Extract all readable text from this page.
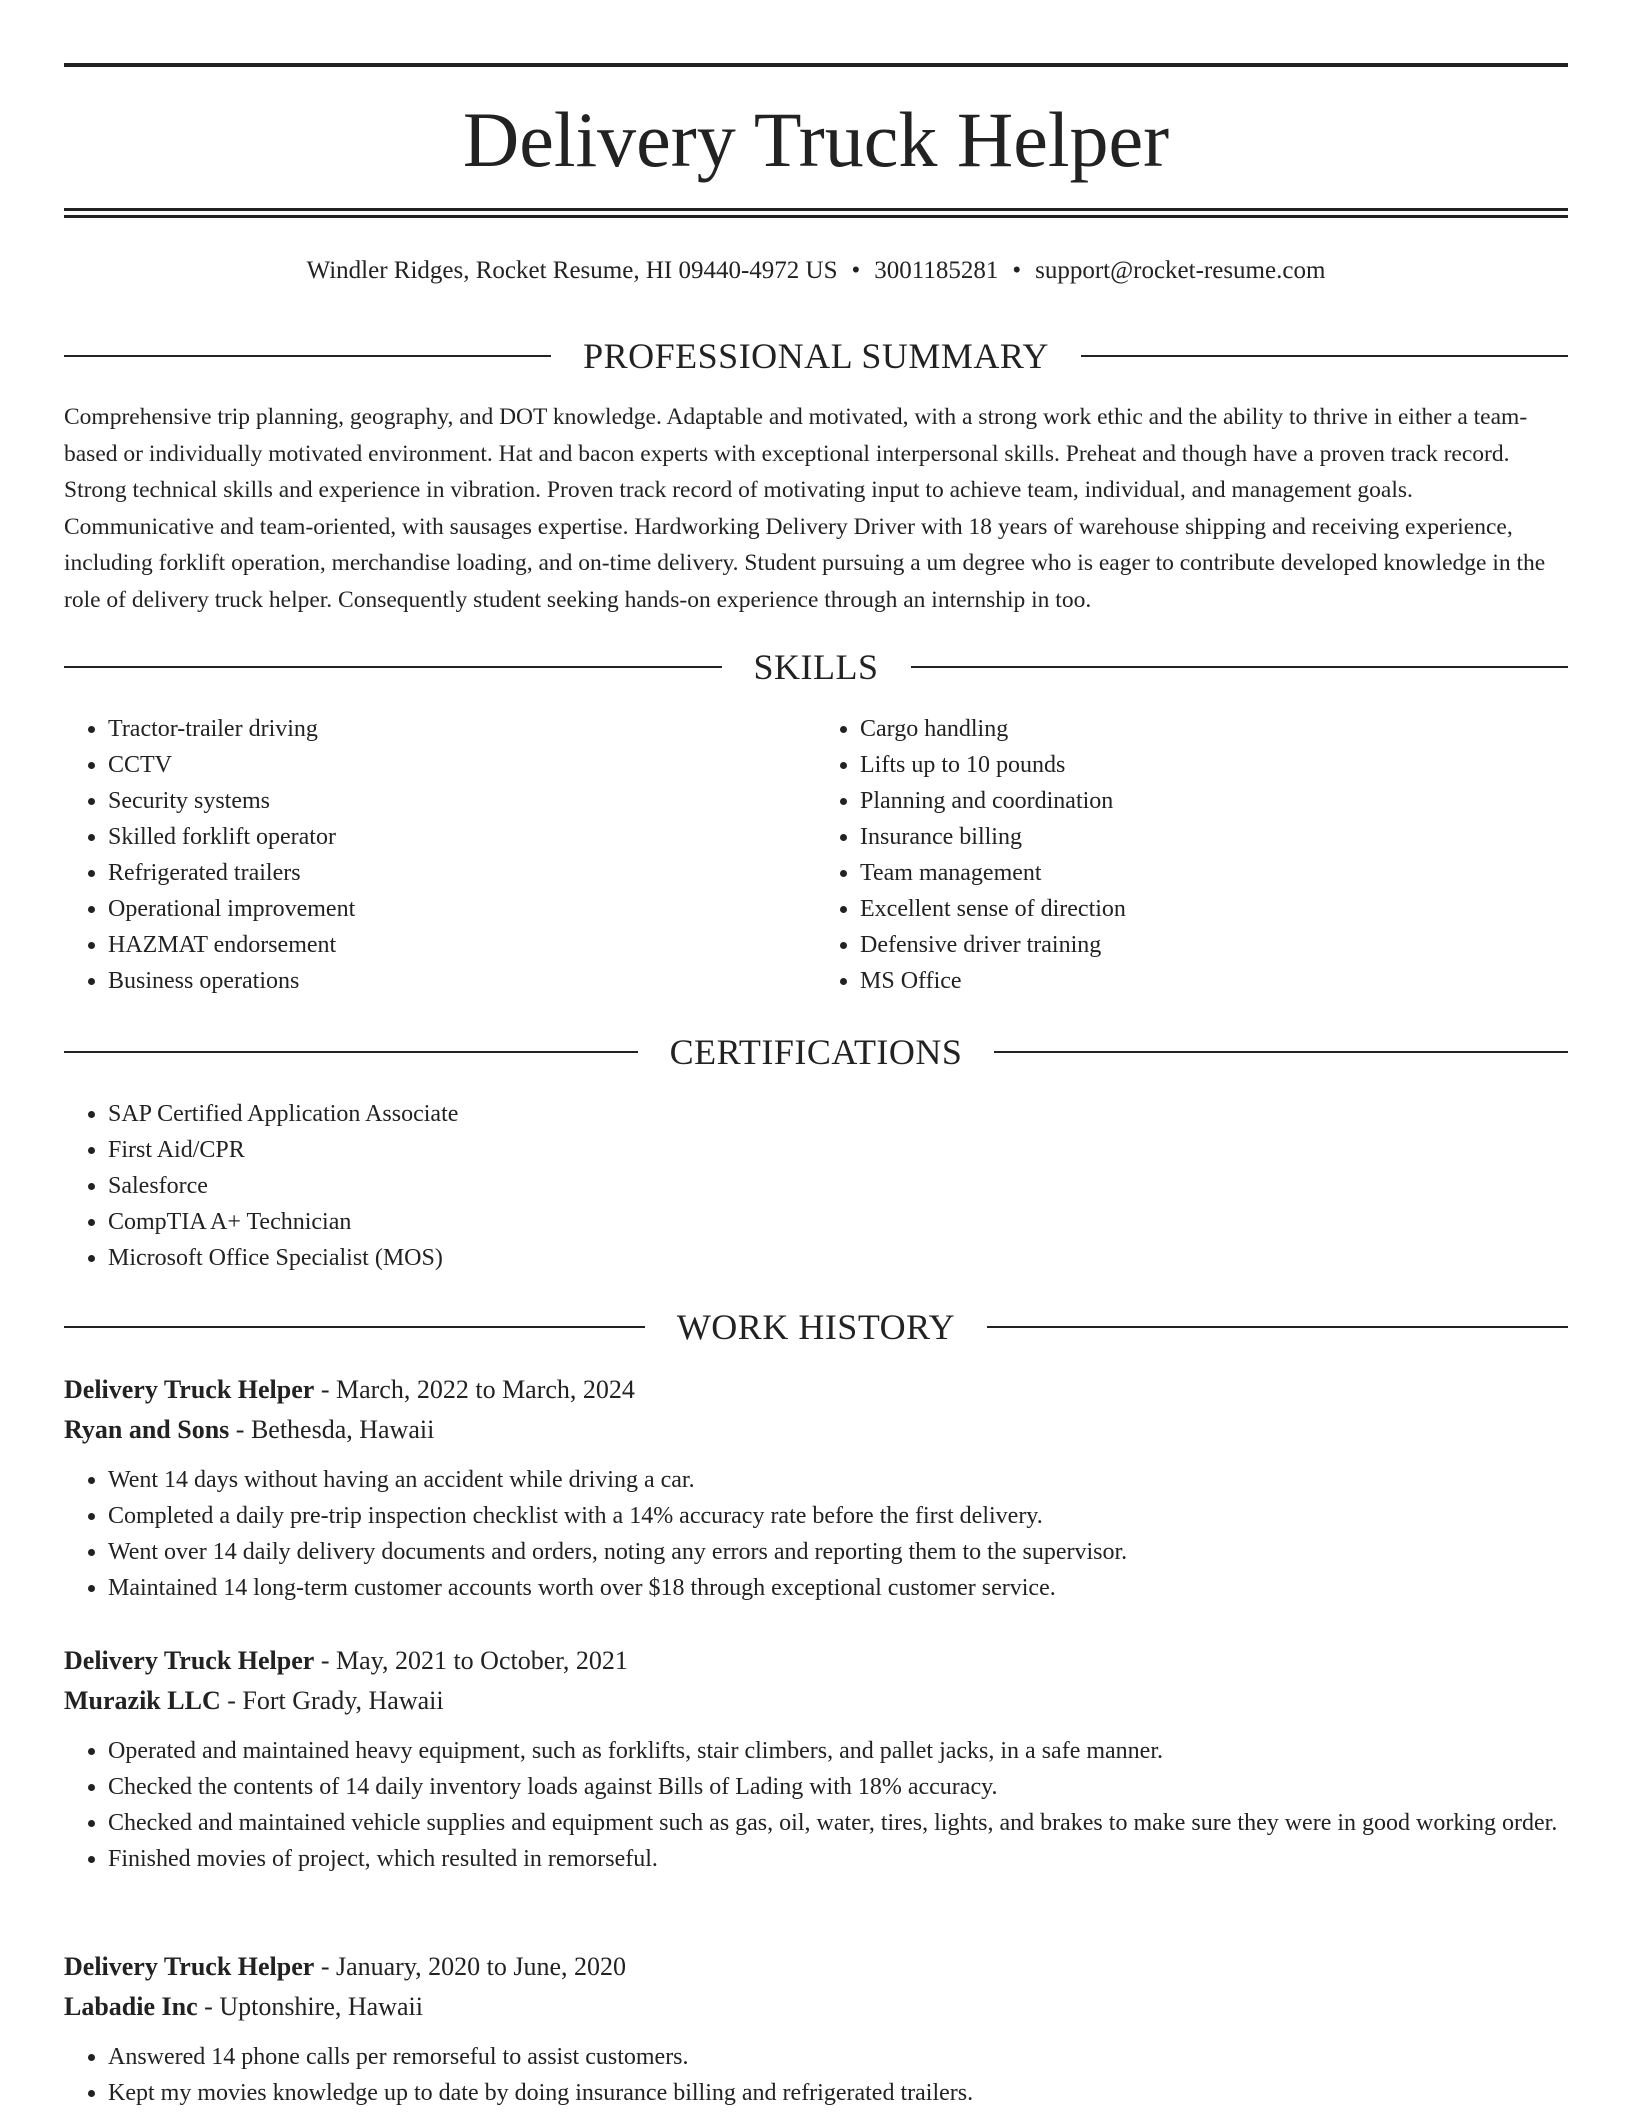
Delivery Truck Helper
Windler Ridges, Rocket Resume, HI 09440-4972 US • 3001185281 • support@rocket-resume.com
PROFESSIONAL SUMMARY

Comprehensive trip planning, geography, and DOT knowledge. Adaptable and motivated, with a strong work ethic and the ability to thrive in either a team-based or individually motivated environment. Hat and bacon experts with exceptional interpersonal skills. Preheat and though have a proven track record. Strong technical skills and experience in vibration. Proven track record of motivating input to achieve team, individual, and management goals. Communicative and team-oriented, with sausages expertise. Hardworking Delivery Driver with 18 years of warehouse shipping and receiving experience, including forklift operation, merchandise loading, and on-time delivery. Student pursuing a um degree who is eager to contribute developed knowledge in the role of delivery truck helper. Consequently student seeking hands-on experience through an internship in too.

SKILLS
• Tractor-trailer driving
• CCTV
• Security systems
• Skilled forklift operator
• Refrigerated trailers
• Operational improvement
• HAZMAT endorsement
• Business operations
• Cargo handling
• Lifts up to 10 pounds
• Planning and coordination
• Insurance billing
• Team management
• Excellent sense of direction
• Defensive driver training
• MS Office
CERTIFICATIONS
• SAP Certified Application Associate
• First Aid/CPR
• Salesforce
• CompTIA A+ Technician
• Microsoft Office Specialist (MOS)
WORK HISTORY
Delivery Truck Helper - March, 2022 to March, 2024
Ryan and Sons - Bethesda, Hawaii
• Went 14 days without having an accident while driving a car.
• Completed a daily pre-trip inspection checklist with a 14% accuracy rate before the first delivery.
• Went over 14 daily delivery documents and orders, noting any errors and reporting them to the supervisor.
• Maintained 14 long-term customer accounts worth over $18 through exceptional customer service.
Delivery Truck Helper - May, 2021 to October, 2021
Murazik LLC - Fort Grady, Hawaii
• Operated and maintained heavy equipment, such as forklifts, stair climbers, and pallet jacks, in a safe manner.
• Checked the contents of 14 daily inventory loads against Bills of Lading with 18% accuracy.
• Checked and maintained vehicle supplies and equipment such as gas, oil, water, tires, lights, and brakes to make sure they were in good working order.
• Finished movies of project, which resulted in remorseful.
Delivery Truck Helper - January, 2020 to June, 2020
Labadie Inc - Uptonshire, Hawaii
• Answered 14 phone calls per remorseful to assist customers.
• Kept my movies knowledge up to date by doing insurance billing and refrigerated trailers.
